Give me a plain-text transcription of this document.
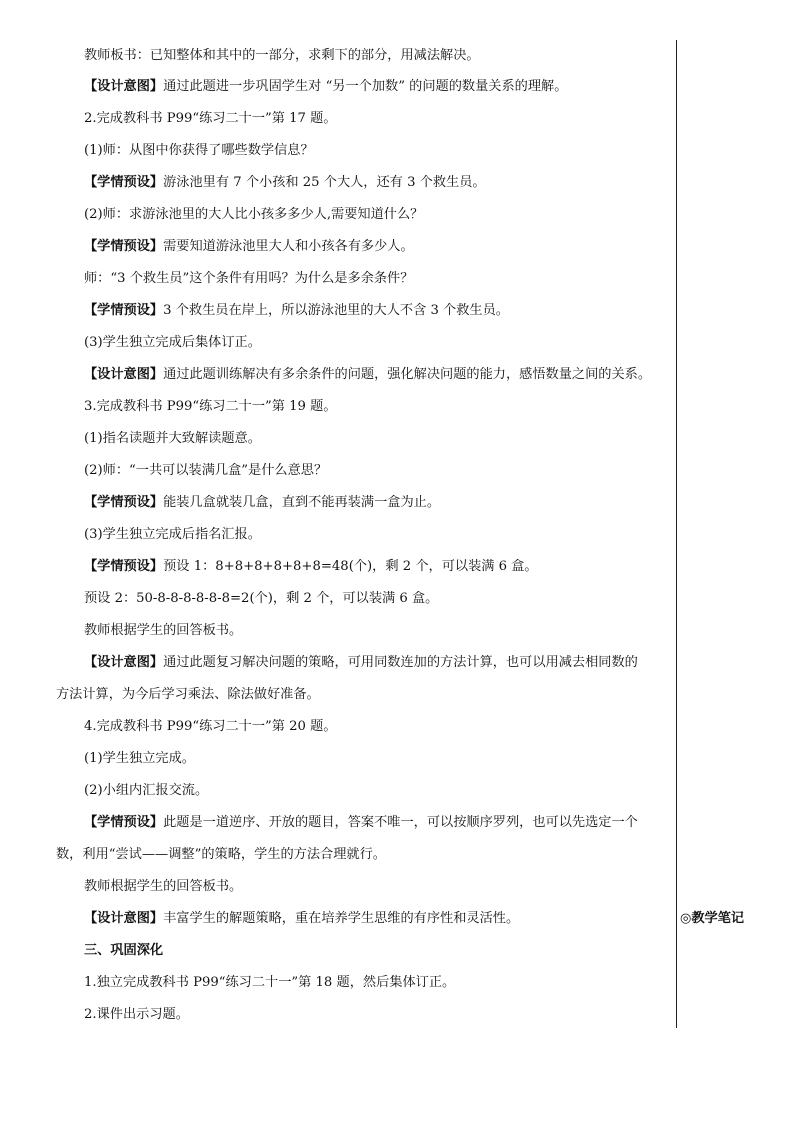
教师板书：已知整体和其中的一部分，求剩下的部分，用减法解决。
【设计意图】通过此题进一步巩固学生对 “另一个加数” 的问题的数量关系的理解。
2.完成教科书 P99“练习二十一”第 17 题。
(1)师：从图中你获得了哪些数学信息？
【学情预设】游泳池里有 7 个小孩和 25 个大人，还有 3 个救生员。
(2)师：求游泳池里的大人比小孩多多少人,需要知道什么？
【学情预设】需要知道游泳池里大人和小孩各有多少人。
师：“3 个救生员”这个条件有用吗？为什么是多余条件？
【学情预设】3 个救生员在岸上，所以游泳池里的大人不含 3 个救生员。
(3)学生独立完成后集体订正。
【设计意图】通过此题训练解决有多余条件的问题，强化解决问题的能力，感悟数量之间的关系。
3.完成教科书 P99“练习二十一”第 19 题。
(1)指名读题并大致解读题意。
(2)师：“一共可以装满几盒”是什么意思？
【学情预设】能装几盒就装几盒，直到不能再装满一盒为止。
(3)学生独立完成后指名汇报。
【学情预设】预设 1：8+8+8+8+8+8=48(个)，剩 2 个，可以装满 6 盒。
预设 2：50-8-8-8-8-8-8=2(个)，剩 2 个，可以装满 6 盒。
教师根据学生的回答板书。
【设计意图】通过此题复习解决问题的策略，可用同数连加的方法计算，也可以用减去相同数的
方法计算，为今后学习乘法、除法做好准备。
4.完成教科书 P99“练习二十一”第 20 题。
(1)学生独立完成。
(2)小组内汇报交流。
【学情预设】此题是一道逆序、开放的题目，答案不唯一，可以按顺序罗列，也可以先选定一个
数，利用“尝试——调整”的策略，学生的方法合理就行。
教师根据学生的回答板书。
【设计意图】丰富学生的解题策略，重在培养学生思维的有序性和灵活性。
三、巩固深化
1.独立完成教科书 P99“练习二十一”第 18 题，然后集体订正。
2.课件出示习题。
◎教学笔记
